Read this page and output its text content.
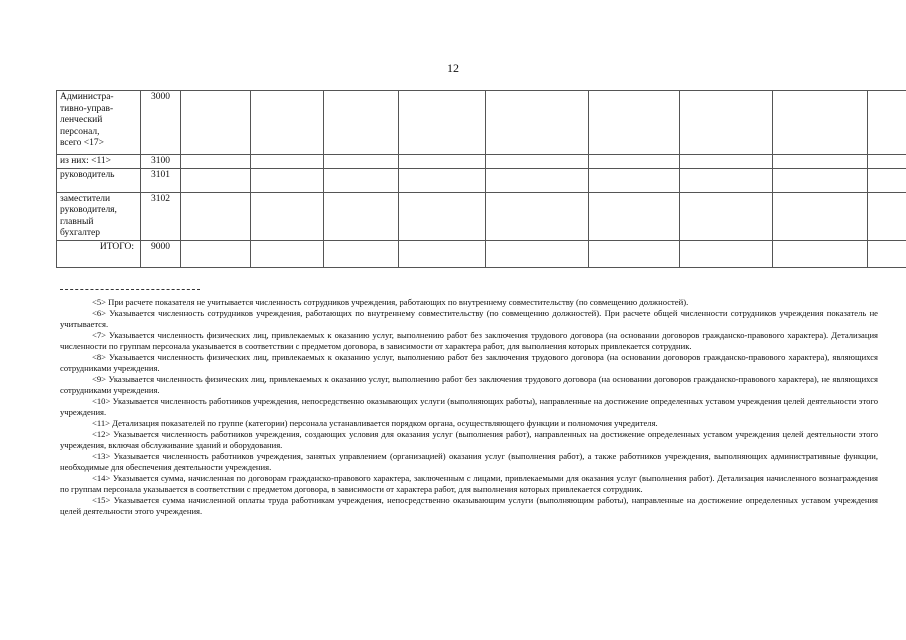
12
Администра-
тивно-управ-
ленческий
персонал,
всего <17>	3000									
из них: <11>	3100									
руководитель	3101									
заместители
руководителя,
главный
бухгалтер	3102									
ИТОГО:	9000									

<5> При расчете показателя не учитывается численность сотрудников учреждения, работающих по внутреннему совместительству (по совмещению должностей).

<6> Указывается численность сотрудников учреждения, работающих по внутреннему совместительству (по совмещению должностей). При расчете общей численности сотрудников учреждения показатель не учитывается.

<7> Указывается численность физических лиц, привлекаемых к оказанию услуг, выполнению работ без заключения трудового договора (на основании договоров гражданско-правового характера). Детализация численности по группам персонала указывается в соответствии с предметом договора, в зависимости от характера работ, для выполнения которых привлекается сотрудник.

<8> Указывается численность физических лиц, привлекаемых к оказанию услуг, выполнению работ без заключения трудового договора (на основании договоров гражданско-правового характера), являющихся сотрудниками учреждения.

<9> Указывается численность физических лиц, привлекаемых к оказанию услуг, выполнению работ без заключения трудового договора (на основании договоров гражданско-правового характера), не являющихся сотрудниками учреждения.

<10> Указывается численность работников учреждения, непосредственно оказывающих услуги (выполняющих работы), направленные на достижение определенных уставом учреждения целей деятельности этого учреждения.

<11> Детализация показателей по группе (категории) персонала устанавливается порядком органа, осуществляющего функции и полномочия учредителя.

<12> Указывается численность работников учреждения, создающих условия для оказания услуг (выполнения работ), направленных на достижение определенных уставом учреждения целей деятельности этого учреждения, включая обслуживание зданий и оборудования.

<13> Указывается численность работников учреждения, занятых управлением (организацией) оказания услуг (выполнения работ), а также работников учреждения, выполняющих административные функции, необходимые для обеспечения деятельности учреждения.

<14> Указывается сумма, начисленная по договорам гражданско-правового характера, заключенным с лицами, привлекаемыми для оказания услуг (выполнения работ). Детализация начисленного вознаграждения по группам персонала указывается в соответствии с предметом договора, в зависимости от характера работ, для выполнения которых привлекается сотрудник.

<15> Указывается сумма начисленной оплаты труда работникам учреждения, непосредственно оказывающим услуги (выполняющим работы), направленные на достижение определенных уставом учреждения целей деятельности этого учреждения.
